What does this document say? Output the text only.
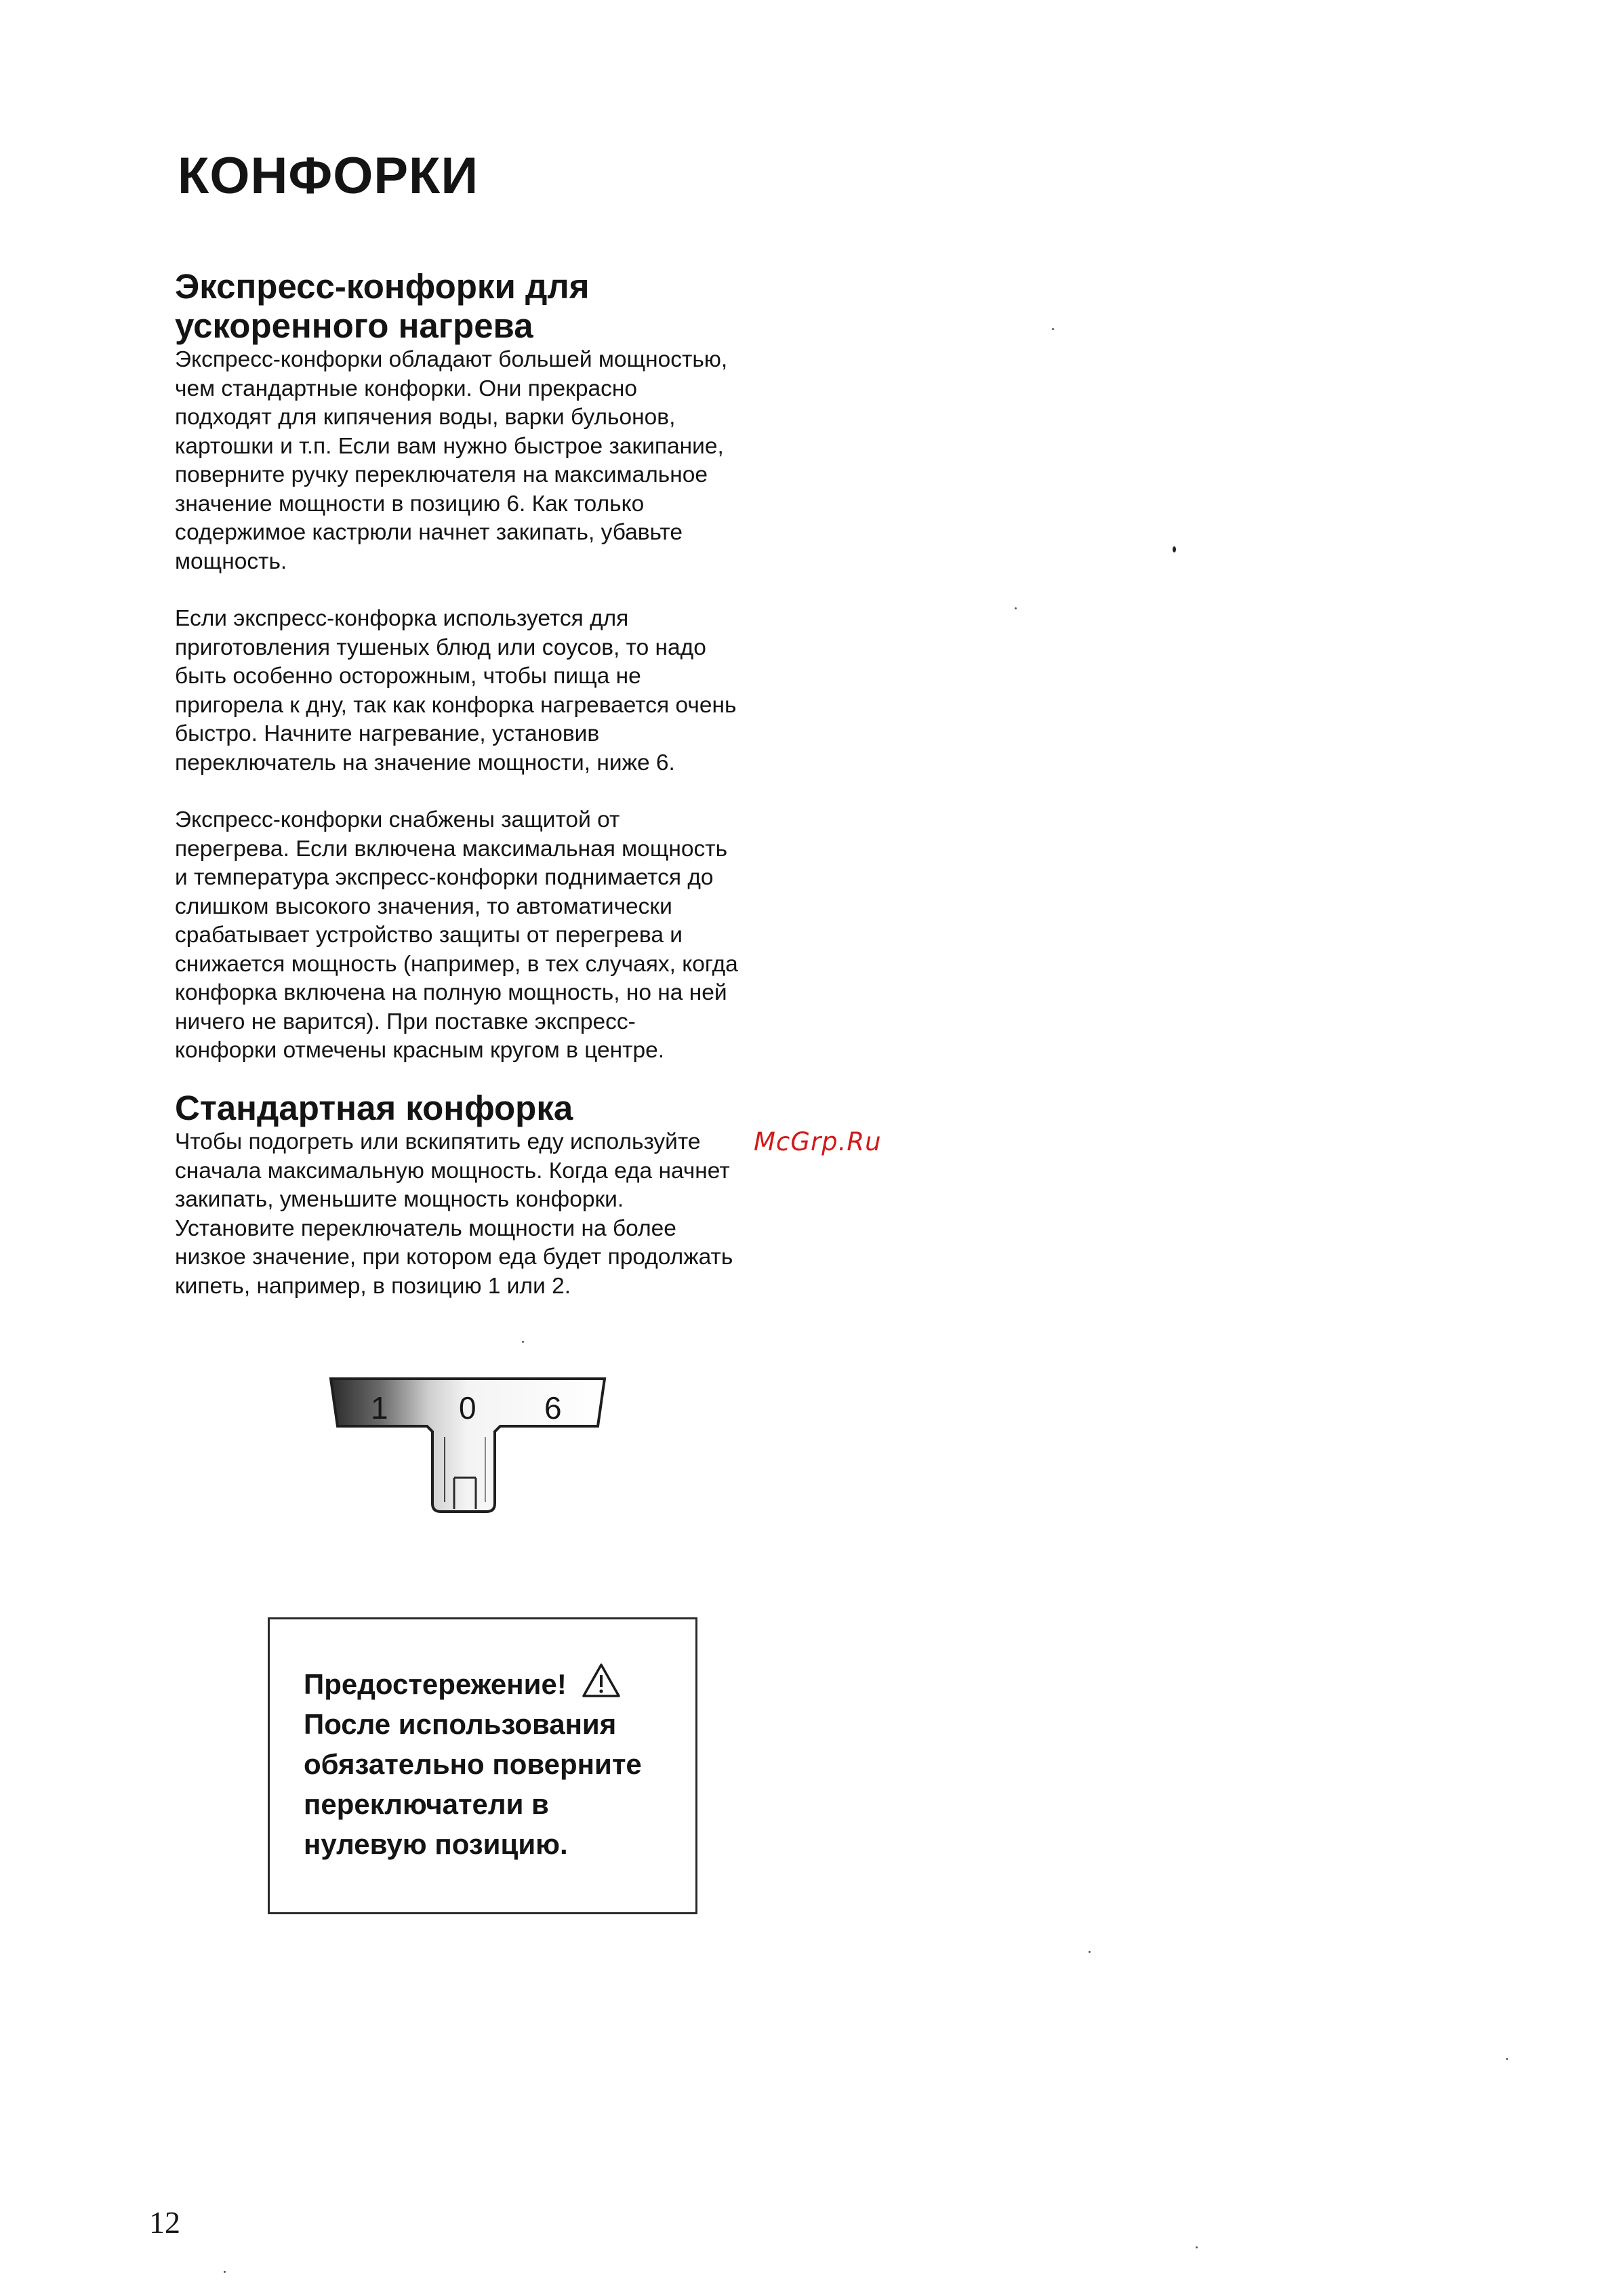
КОНФОРКИ
Экспресс-конфорки для
ускоренного нагрева

Экспресс-конфорки обладают большей мощностью,
чем стандартные конфорки. Они прекрасно
подходят для кипячения воды, варки бульонов,
картошки и т.п. Если вам нужно быстрое закипание,
поверните ручку переключателя на максимальное
значение мощности в позицию 6. Как только
содержимое кастрюли начнет закипать, убавьте
мощность.

Если экспресс-конфорка используется для
приготовления тушеных блюд или соусов, то надо
быть особенно осторожным, чтобы пища не
пригорела к дну, так как конфорка нагревается очень
быстро. Начните нагревание, установив
переключатель на значение мощности, ниже 6.

Экспресс-конфорки снабжены защитой от
перегрева. Если включена максимальная мощность
и температура экспресс-конфорки поднимается до
слишком высокого значения, то автоматически
срабатывает устройство защиты от перегрева и
снижается мощность (например, в тех случаях, когда
конфорка включена на полную мощность, но на ней
ничего не варится). При поставке экспресс-
конфорки отмечены красным кругом в центре.

Стандартная конфорка

Чтобы подогреть или вскипятить еду используйте
сначала максимальную мощность. Когда еда начнет
закипать, уменьшите мощность конфорки.
Установите переключатель мощности на более
низкое значение, при котором еда будет продолжать
кипеть, например, в позицию 1 или 2.

McGrp.Ru
1 0 6
Предостережение!
После использования
обязательно поверните
переключатели в
нулевую позицию.
12
